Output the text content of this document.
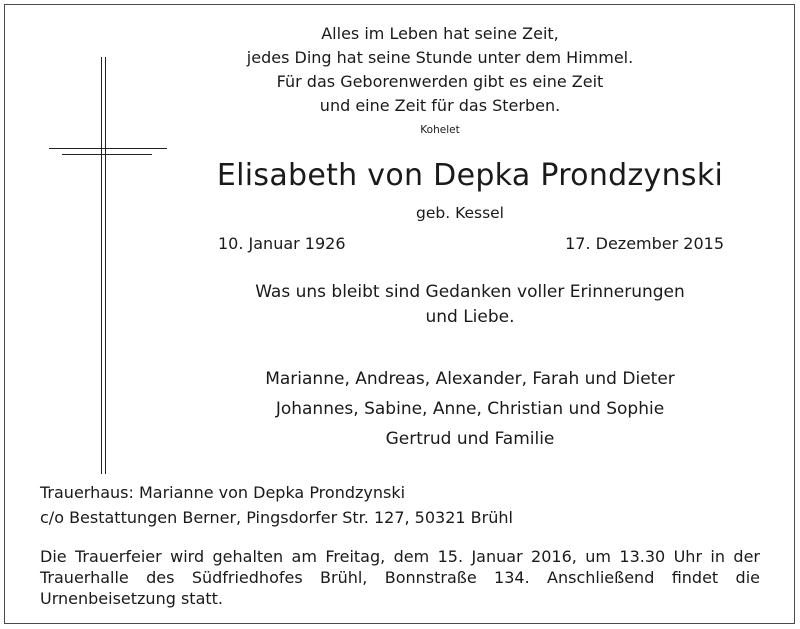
Alles im Leben hat seine Zeit,
jedes Ding hat seine Stunde unter dem Himmel.
Für das Geborenwerden gibt es eine Zeit
und eine Zeit für das Sterben.
Kohelet
Elisabeth von Depka Prondzynski
geb. Kessel
10. Januar 1926	17. Dezember 2015
Was uns bleibt sind Gedanken voller Erinnerungen
und Liebe.
Marianne, Andreas, Alexander, Farah und Dieter
Johannes, Sabine, Anne, Christian und Sophie
Gertrud und Familie
Trauerhaus: Marianne von Depka Prondzynski
c/o Bestattungen Berner, Pingsdorfer Str. 127, 50321 Brühl
Die Trauerfeier wird gehalten am Freitag, dem 15. Januar 2016, um 13.30 Uhr in der
Trauerhalle des Südfriedhofes Brühl, Bonnstraße 134. Anschließend findet die
Urnenbeisetzung statt.
